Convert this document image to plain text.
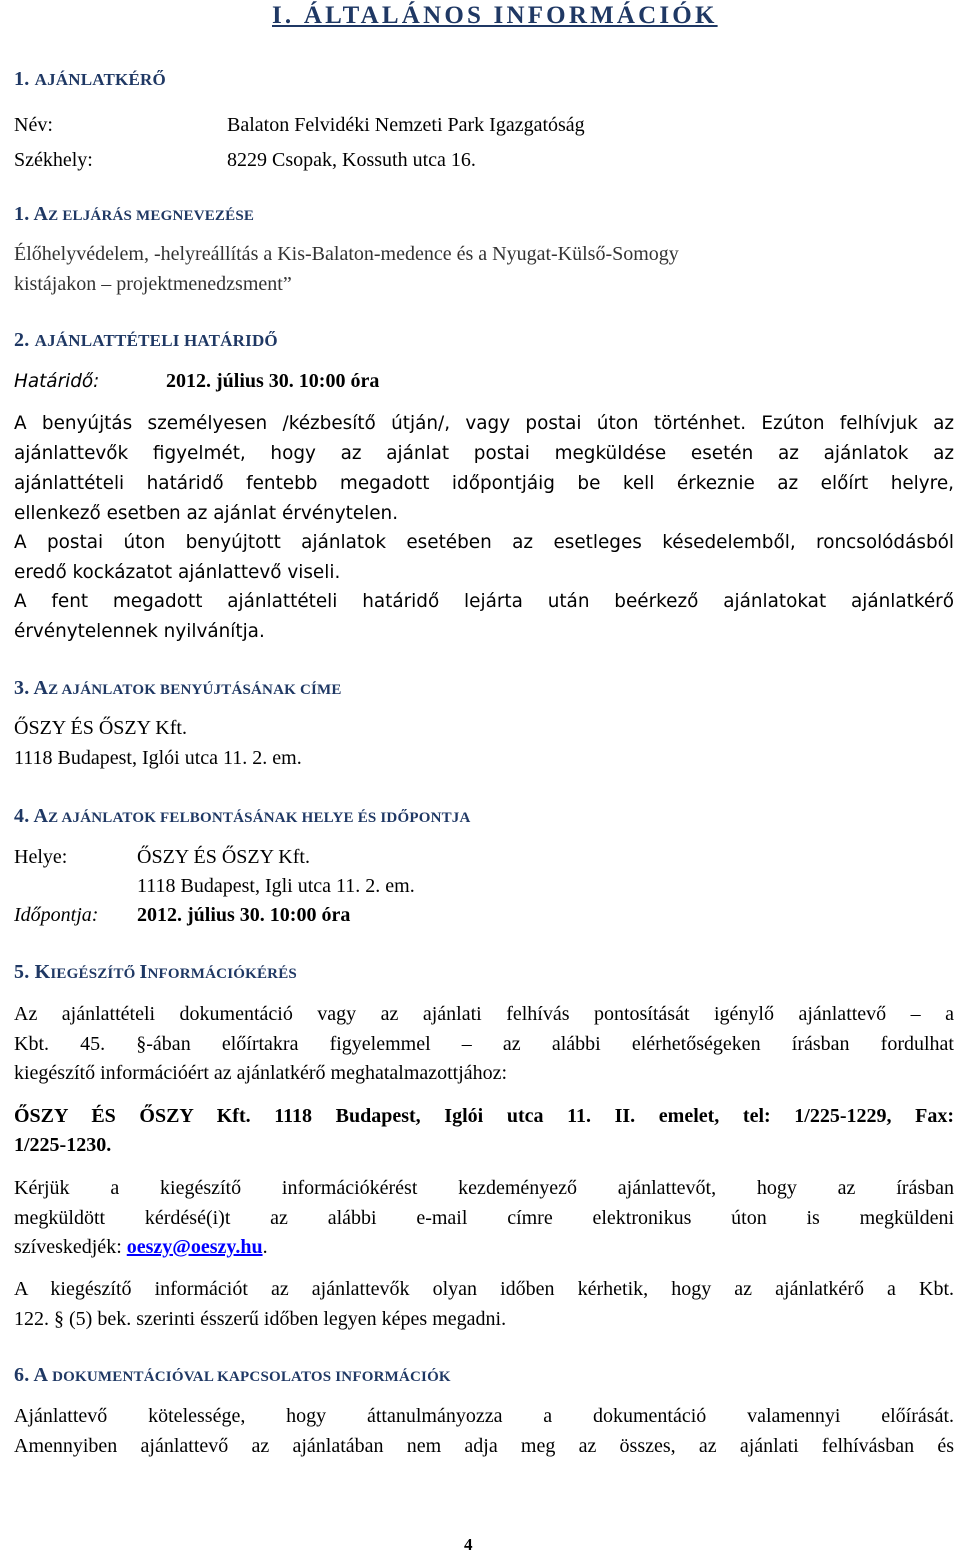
I. ÁLTALÁNOS INFORMÁCIÓK
1. AJÁNLATKÉRŐ
Név:	Balaton Felvidéki Nemzeti Park Igazgatóság
Székhely:	8229 Csopak, Kossuth utca 16.
1. AZ ELJÁRÁS MEGNEVEZÉSE
Élőhelyvédelem, -helyreállítás a Kis-Balaton-medence és a Nyugat-Külső-Somogy
kistájakon – projektmenedzsment”
2. AJÁNLATTÉTELI HATÁRIDŐ
Határidő:	2012. július 30. 10:00 óra
A benyújtás személyesen /kézbesítő útján/, vagy postai úton történhet. Ezúton felhívjuk az
ajánlattevők figyelmét, hogy az ajánlat postai megküldése esetén az ajánlatok az
ajánlattételi határidő fentebb megadott időpontjáig be kell érkeznie az előírt helyre,
ellenkező esetben az ajánlat érvénytelen.
A postai úton benyújtott ajánlatok esetében az esetleges késedelemből, roncsolódásból
eredő kockázatot ajánlattevő viseli.
A fent megadott ajánlattételi határidő lejárta után beérkező ajánlatokat ajánlatkérő
érvénytelennek nyilvánítja.
3. AZ AJÁNLATOK BENYÚJTÁSÁNAK CÍME
ŐSZY ÉS ŐSZY Kft.
1118 Budapest, Iglói utca 11. 2. em.
4. AZ AJÁNLATOK FELBONTÁSÁNAK HELYE ÉS IDŐPONTJA
Helye:	ŐSZY ÉS ŐSZY Kft.
1118 Budapest, Igli utca 11. 2. em.
Időpontja: 2012. július 30. 10:00 óra
5. KIEGÉSZÍTŐ INFORMÁCIÓKÉRÉS
Az ajánlattételi dokumentáció vagy az ajánlati felhívás pontosítását igénylő ajánlattevő – a
Kbt. 45. §-ában előírtakra figyelemmel – az alábbi elérhetőségeken írásban fordulhat
kiegészítő információért az ajánlatkérő meghatalmazottjához:
ŐSZY ÉS ŐSZY Kft. 1118 Budapest, Iglói utca 11. II. emelet, tel: 1/225-1229, Fax:
1/225-1230.
Kérjük a kiegészítő információkérést kezdeményező ajánlattevőt, hogy az írásban
megküldött kérdésé(i)t az alábbi e-mail címre elektronikus úton is megküldeni
szíveskedjék: oeszy@oeszy.hu.
A kiegészítő információt az ajánlattevők olyan időben kérhetik, hogy az ajánlatkérő a Kbt.
122. § (5) bek. szerinti ésszerű időben legyen képes megadni.
6. A DOKUMENTÁCIÓVAL KAPCSOLATOS INFORMÁCIÓK
Ajánlattevő kötelessége, hogy áttanulmányozza a dokumentáció valamennyi előírását.
Amennyiben ajánlattevő az ajánlatában nem adja meg az összes, az ajánlati felhívásban és
4
